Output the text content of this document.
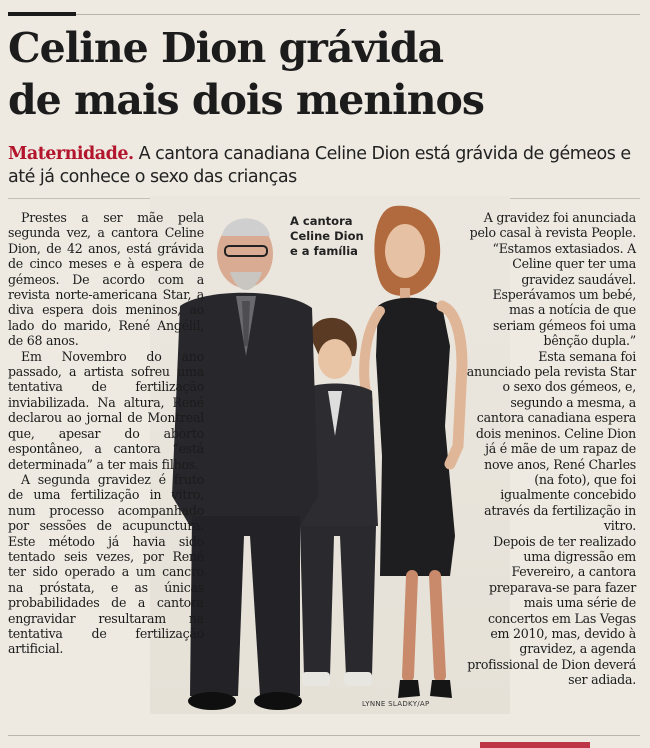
Celine Dion grávida
de mais dois meninos
Maternidade. A cantora canadiana Celine Dion está grávida de gémeos e até já conhece o sexo das crianças
A cantora
Celine Dion
e a família
LYNNE SLADKY/AP

Prestes a ser mãe pela segunda vez, a cantora Celine Dion, de 42 anos, está grávida de cinco meses e à espera de gémeos. De acordo com a revista norte-americana Star, a diva espera dois meninos, ao lado do marido, René Angélil, de 68 anos.

Em Novembro do ano passado, a artista sofreu uma tentativa de fertilização inviabilizada. Na altura, René declarou ao jornal de Montreal que, apesar do aborto espontâneo, a cantora “está determinada” a ter mais filhos.

A segunda gravidez é fruto de uma fertilização in vitro, num processo acompanhado por sessões de acupunctura. Este método já havia sido tentado seis vezes, por René ter sido operado a um cancro na próstata, e as únicas probabilidades de a cantora engravidar resultaram na tentativa de fertilização artificial.

A gravidez foi anunciada pelo casal à revista People. “Estamos extasiados. A Celine quer ter uma gravidez saudável. Esperávamos um bebé, mas a notícia de que seriam gémeos foi uma bênção dupla.”

Esta semana foi anunciado pela revista Star o sexo dos gémeos, e, segundo a mesma, a cantora canadiana espera dois meninos. Celine Dion já é mãe de um rapaz de nove anos, René Charles (na foto), que foi igualmente concebido através da fertilização in vitro.

Depois de ter realizado uma digressão em Fevereiro, a cantora preparava-se para fazer mais uma série de concertos em Las Vegas em 2010, mas, devido à gravidez, a agenda profissional de Dion deverá ser adiada.
